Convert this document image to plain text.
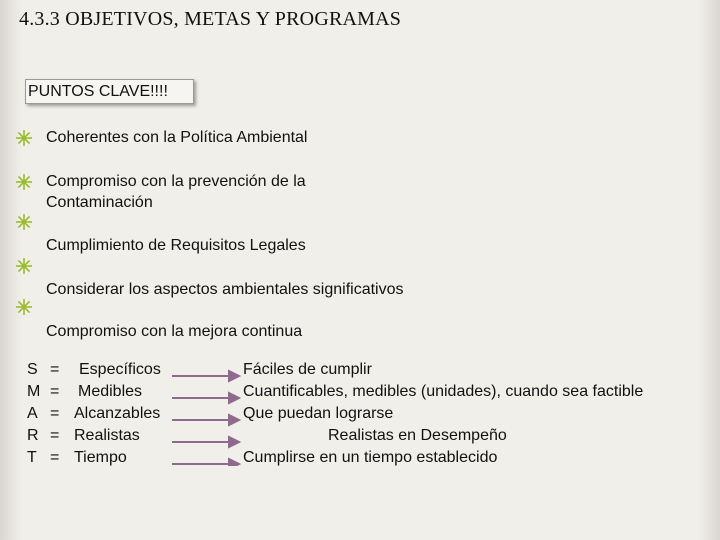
4.3.3 OBJETIVOS, METAS Y PROGRAMAS
PUNTOS CLAVE!!!!
Coherentes con la Política Ambiental
Compromiso con la prevención de la Contaminación
Cumplimiento de Requisitos Legales
Considerar los aspectos ambientales significativos
Compromiso con la mejora continua
S
M
A
R
T
=
=
=
=
=
Específicos
Medibles
Alcanzables
Realistas
Tiempo
Fáciles de cumplir
Cuantificables, medibles (unidades), cuando sea factible
Que puedan lograrse
Realistas en Desempeño
Cumplirse en un tiempo establecido
